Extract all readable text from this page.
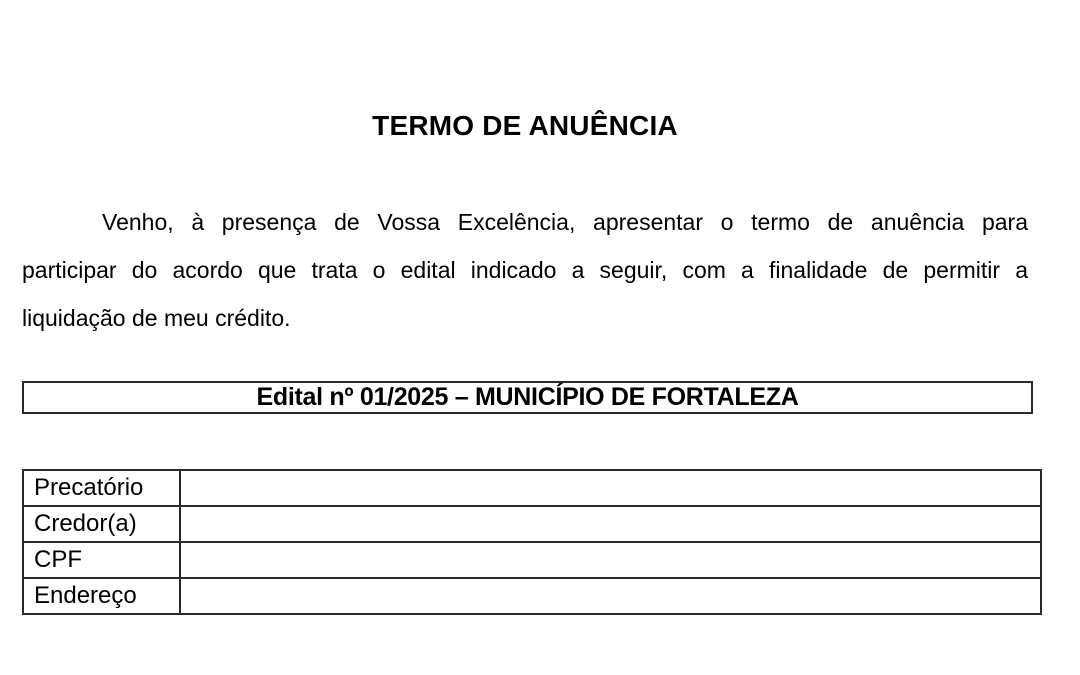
TERMO DE ANUÊNCIA
Venho, à presença de Vossa Excelência, apresentar o termo de anuência para
participar do acordo que trata o edital indicado a seguir, com a finalidade de permitir a
liquidação de meu crédito.
Edital nº 01/2025 – MUNICÍPIO DE FORTALEZA
Precatório	
Credor(a)	
CPF	
Endereço	
